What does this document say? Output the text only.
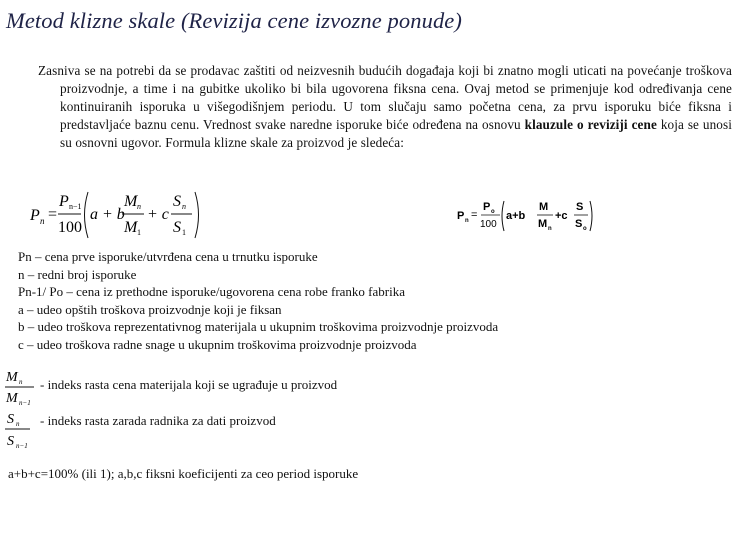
Metod klizne skale (Revizija cene izvozne ponude)
Zasniva se na potrebi da se prodavac zaštiti od neizvesnih budućih događaja koji bi znatno mogli uticati na povećanje troškova proizvodnje, a time i na gubitke ukoliko bi bila ugovorena fiksna cena. Ovaj metod se primenjuje kod određivanja cene kontinuiranih isporuka u višegodišnjem periodu. U tom slučaju samo početna cena, za prvu isporuku biće fiksna i predstavljaće baznu cenu. Vrednost svake naredne isporuke biće određena na osnovu klauzule o reviziji cene koja se unosi su osnovni ugovor. Formula klizne skale za proizvod je sledeća:
P n =
P n−1
100
a + b
M n
M 1
+ c
S n
S 1
P n =
P o
100
a+b
M
M n
+c
S
S o
Pn – cena prve isporuke/utvrđena cena u trnutku isporuke
n – redni broj isporuke
Pn-1/ Po – cena iz prethodne isporuke/ugovorena cena robe franko fabrika
a – udeo opštih troškova proizvodnje koji je fiksan
b – udeo troškova reprezentativnog materijala u ukupnim troškovima proizvodnje proizvoda
c – udeo troškova radne snage u ukupnim troškovima proizvodnje proizvoda
M n
M n−1
- indeks rasta cena materijala koji se ugrađuje u proizvod
S n
S n−1
- indeks rasta zarada radnika za dati proizvod
a+b+c=100% (ili 1); a,b,c fiksni koeficijenti za ceo period isporuke
